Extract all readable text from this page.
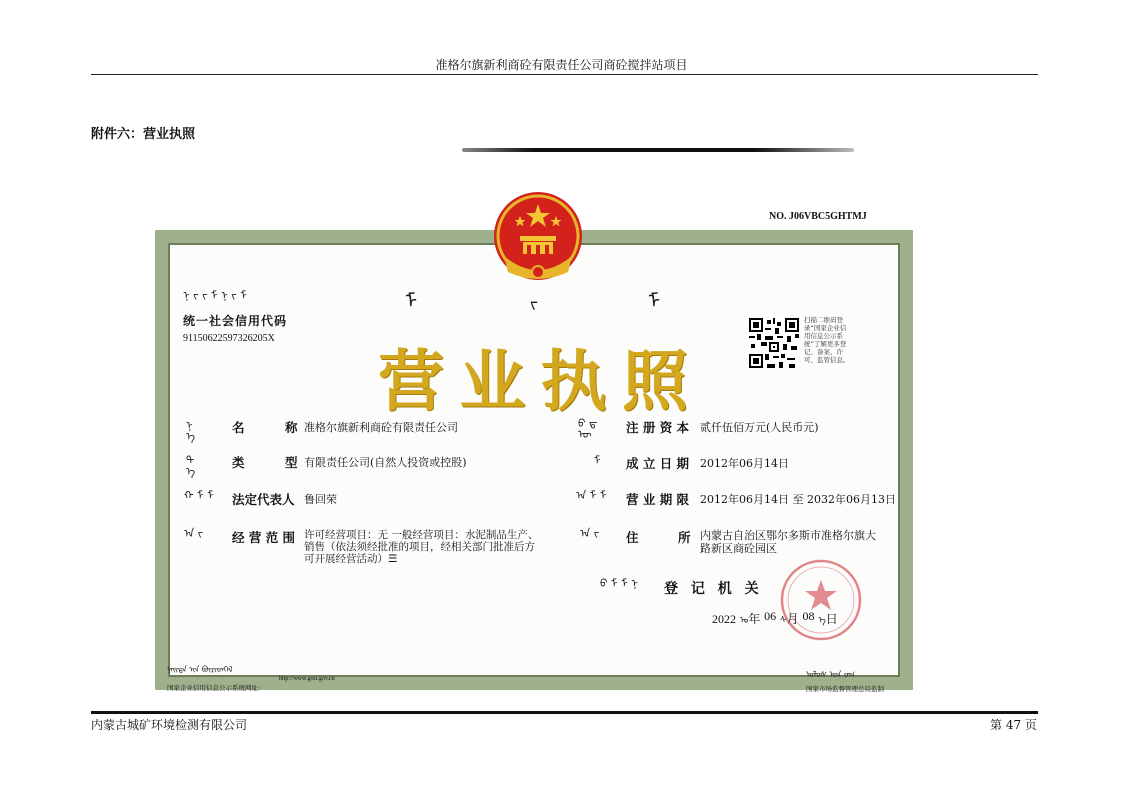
准格尔旗新利商砼有限责任公司商砼搅拌站项目
附件六：营业执照
NO. J06VBC5GHTMJ
ᠨ ᠵ ᠵ ᠮ ᠨ ᠵ ᠮ	ᠮ	ᠵ	ᠮ
统一社会信用代码
91150622597326205X
营 业 执 照
扫描二维码登录“国家企业信用信息公示系统”了解更多登记、备案、许可、监管信息。
ᠨ
ᠡ
ᠲ
ᠡ
ᠬ ᠮ ᠮ
ᠠ ᠵ
名	称 准格尔旗新利商砼有限责任公司
类	型 有限责任公司(自然人投资或控股)
法定代表人 鲁回荣
经 营 范 围 许可经营项目：无 一般经营项目：水泥制品生产、销售（依法须经批准的项目，经相关部门批准后方可开展经营活动）☰
ᠪ ᠳ
ᠦ
ᠮ
ᠠ ᠮ ᠮ
ᠠ ᠵ
注 册 资 本 贰仟伍佰万元(人民币元)
成 立 日 期 2012年06月14日
营 业 期 限 2012年06月14日 至 2032年06月13日
住	所 内蒙古自治区鄂尔多斯市准格尔旗大路新区商砼园区
ᠪ ᠮ ᠮ ᠨ 登 记 机 关
2022 ᠣ年 06 ᠰ月 08 ᠡ日
ᠨᠡᠢᠲᠡ ᠢᠨ ᠪᠦᠷᠢᠳᠭᠡᠯ
http://www.gsxt.gov.cn
国家企业信用信息公示系统网址：
ᠤᠯᠤᠰ ᠤᠨ ᠵᠠᠬ
国家市场监督管理总局监制
内蒙古城矿环境检测有限公司	第 47 页
